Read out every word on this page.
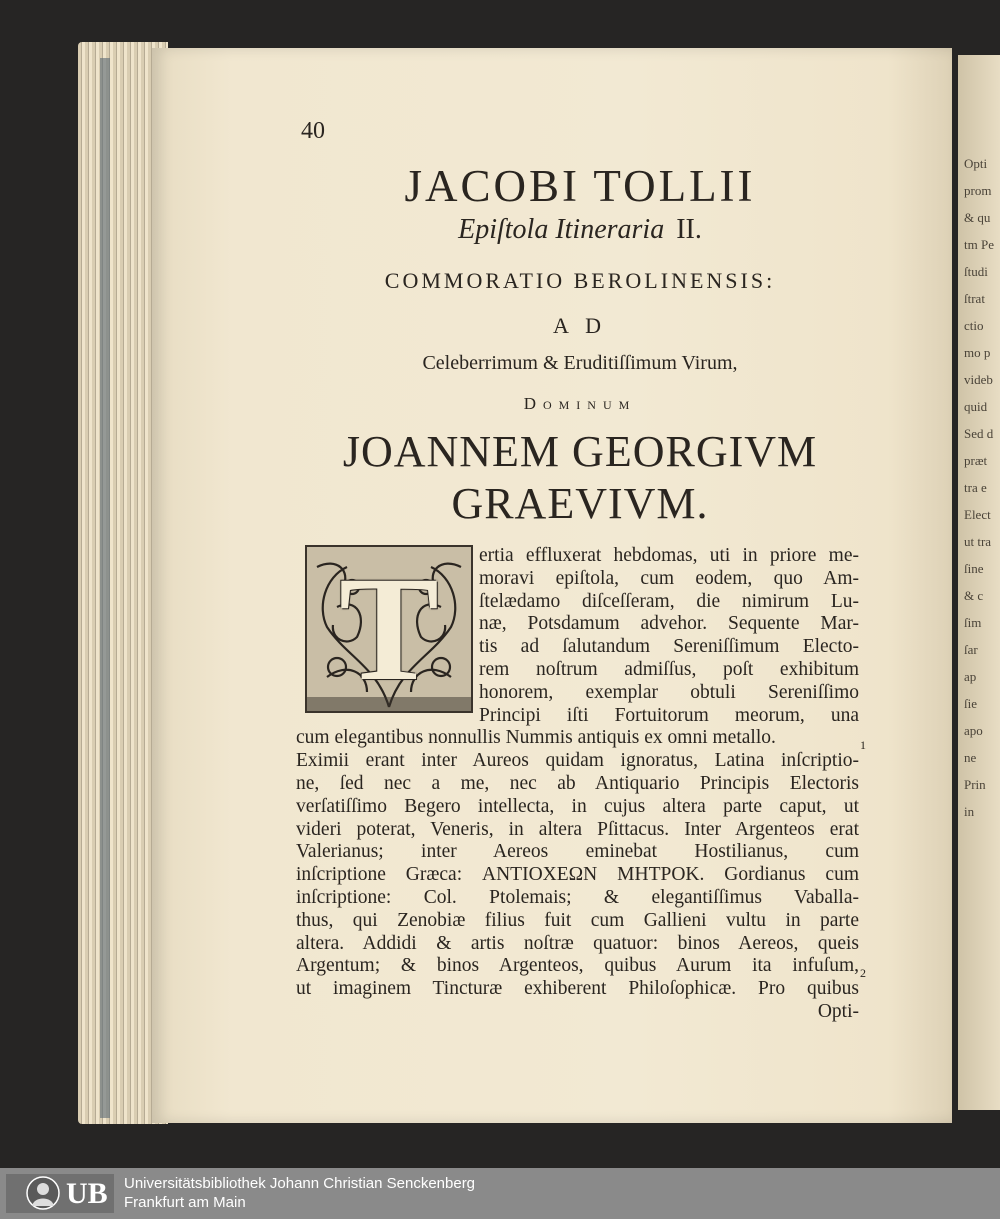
Opti
prom
& qu
tm Pe
ſtudi
ſtrat
ctio
mo p
videb
quid
Sed d
præt
tra e
Elect
ut tra
ſine
& c
ſim
ſar
ap
ſie
apo
ne
Prin
in
40
JACOBI TOLLII
Epiſtola Itineraria II.
COMMORATIO BEROLINENSIS:
A D
Celeberrimum & Eruditiſſimum Virum,
Dominum
JOANNEM GEORGIVM
GRAEVIVM.
T	ertia effluxerat hebdomas, uti in priore me-
moravi epiſtola, cum eodem, quo Am-
ſtelædamo diſceſſeram, die nimirum Lu-
næ, Potsdamum advehor. Sequente Mar-
tis ad ſalutandum Sereniſſimum Electo-
rem noſtrum admiſſus, poſt exhibitum
honorem, exemplar obtuli Sereniſſimo
Principi iſti Fortuitorum meorum, una
cum elegantibus nonnullis Nummis antiquis ex omni metallo.
Eximii erant inter Aureos quidam ignoratus, Latina inſcriptio-
ne, ſed nec a me, nec ab Antiquario Principis Electoris
verſatiſſimo Begero intellecta, in cujus altera parte caput, ut
videri poterat, Veneris, in altera Pſittacus. Inter Argenteos erat
Valerianus; inter Aereos eminebat Hostilianus, cum
inſcriptione Græca: ΑΝΤΙΟΧΕΩΝ ΜΗΤΡΟΚ. Gordianus cum
inſcriptione: Col. Ptolemais; & elegantiſſimus Vaballa-
thus, qui Zenobiæ filius fuit cum Gallieni vultu in parte
altera. Addidi & artis noſtræ quatuor: binos Aereos, queis
Argentum; & binos Argenteos, quibus Aurum ita infuſum,
ut imaginem Tincturæ exhiberent Philoſophicæ. Pro quibus
Opti-
1
2
UB Universitätsbibliothek Johann Christian Senckenberg
Frankfurt am Main
